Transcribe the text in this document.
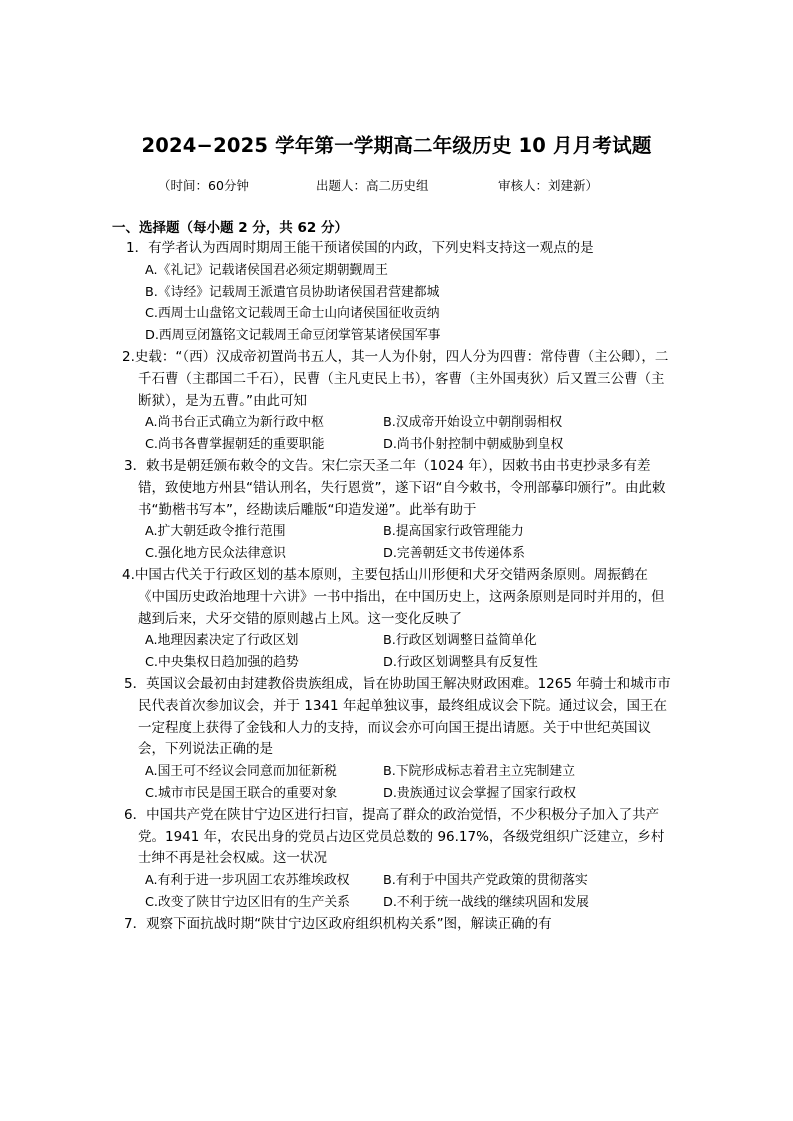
2024−2025 学年第一学期高二年级历史 10 月月考试题
（时间：60分钟	出题人：高二历史组	审核人：刘建新）
一、选择题（每小题 2 分，共 62 分）
1．有学者认为西周时期周王能干预诸侯国的内政，下列史料支持这一观点的是
A.《礼记》记载诸侯国君必须定期朝觐周王
B.《诗经》记载周王派遣官员协助诸侯国君营建都城
C.西周士山盘铭文记载周王命士山向诸侯国征收贡纳
D.西周豆闭簋铭文记载周王命豆闭掌管某诸侯国军事
2.史载：“（西）汉成帝初置尚书五人，其一人为仆射，四人分为四曹：常侍曹（主公卿），二千石曹（主郡国二千石），民曹（主凡吏民上书），客曹（主外国夷狄）后又置三公曹（主断狱），是为五曹。”由此可知
A.尚书台正式确立为新行政中枢	B.汉成帝开始设立中朝削弱相权
C.尚书各曹掌握朝廷的重要职能	D.尚书仆射控制中朝威胁到皇权
3．敕书是朝廷颁布敕令的文告。宋仁宗天圣二年（1024 年），因敕书由书吏抄录多有差错，致使地方州县“错认刑名，失行恩赏”，遂下诏“自今敕书，令刑部摹印颁行”。由此敕书“勤楷书写本”，经勘读后雕版“印造发递”。此举有助于
A.扩大朝廷政令推行范围	B.提高国家行政管理能力
C.强化地方民众法律意识	D.完善朝廷文书传递体系
4.中国古代关于行政区划的基本原则，主要包括山川形便和犬牙交错两条原则。周振鹤在《中国历史政治地理十六讲》一书中指出，在中国历史上，这两条原则是同时并用的，但越到后来，犬牙交错的原则越占上风。这一变化反映了
A.地理因素决定了行政区划	B.行政区划调整日益简单化
C.中央集权日趋加强的趋势	D.行政区划调整具有反复性
5．英国议会最初由封建教俗贵族组成，旨在协助国王解决财政困难。1265 年骑士和城市市民代表首次参加议会，并于 1341 年起单独议事，最终组成议会下院。通过议会，国王在一定程度上获得了金钱和人力的支持，而议会亦可向国王提出请愿。关于中世纪英国议会，下列说法正确的是
A.国王可不经议会同意而加征新税	B.下院形成标志着君主立宪制建立
C.城市市民是国王联合的重要对象	D.贵族通过议会掌握了国家行政权
6．中国共产党在陕甘宁边区进行扫盲，提高了群众的政治觉悟，不少积极分子加入了共产党。1941 年，农民出身的党员占边区党员总数的 96.17%，各级党组织广泛建立，乡村士绅不再是社会权威。这一状况
A.有利于进一步巩固工农苏维埃政权	B.有利于中国共产党政策的贯彻落实
C.改变了陕甘宁边区旧有的生产关系	D.不利于统一战线的继续巩固和发展
7．观察下面抗战时期“陕甘宁边区政府组织机构关系”图，解读正确的有
